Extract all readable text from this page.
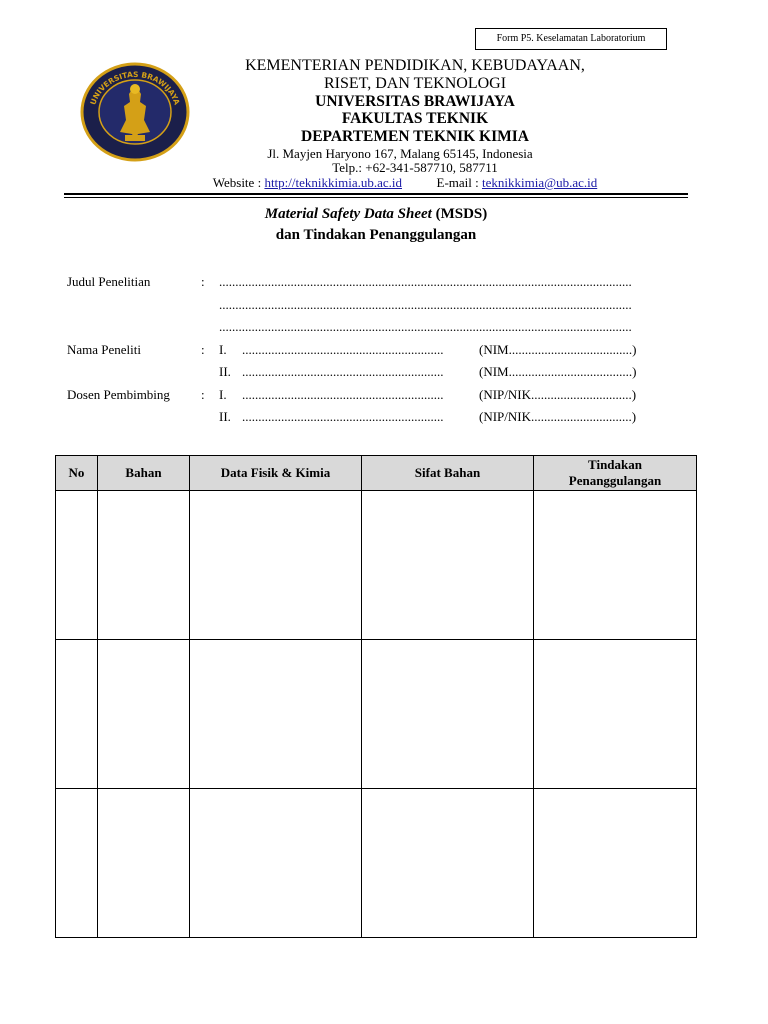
Form P5. Keselamatan Laboratorium
UNIVERSITAS BRAWIJAYA
KEMENTERIAN PENDIDIKAN, KEBUDAYAAN,
RISET, DAN TEKNOLOGI
UNIVERSITAS BRAWIJAYA
FAKULTAS TEKNIK
DEPARTEMEN TEKNIK KIMIA
Jl. Mayjen Haryono 167, Malang 65145, Indonesia
Telp.: +62-341-587710, 587711
Website : http://teknikkimia.ub.ac.id	E-mail : teknikkimia@ub.ac.id
Material Safety Data Sheet (MSDS)
dan Tindakan Penanggulangan
Judul Penelitian	: ...............................................................................................................................
...............................................................................................................................
...............................................................................................................................
Nama Peneliti	: I. ..............................................................	(NIM......................................)
II. ..............................................................	(NIM......................................)
Dosen Pembimbing : I. ..............................................................	(NIP/NIK...............................)
II. ..............................................................	(NIP/NIK...............................)
No	Bahan	Data Fisik & Kimia	Sifat Bahan	Tindakan Penanggulangan
